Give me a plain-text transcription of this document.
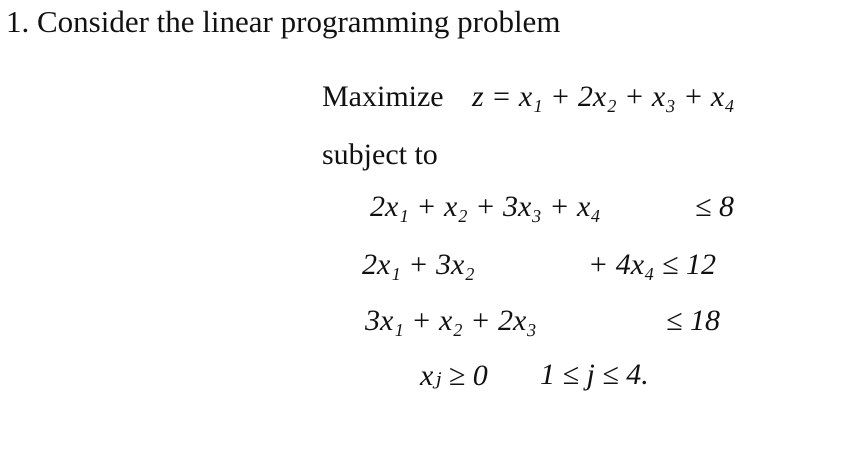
1. Consider the linear programming problem
Maximize z = x₁ + 2x₂ + x₃ + x₄
subject to
2x₁ + x₂ + 3x₃ + x₄	≤ 8
2x₁ + 3x₂	+ 4x₄ ≤ 12
3x₁ + x₂ + 2x₃	≤ 18
xⱼ ≥ 0 1 ≤ j ≤ 4.
